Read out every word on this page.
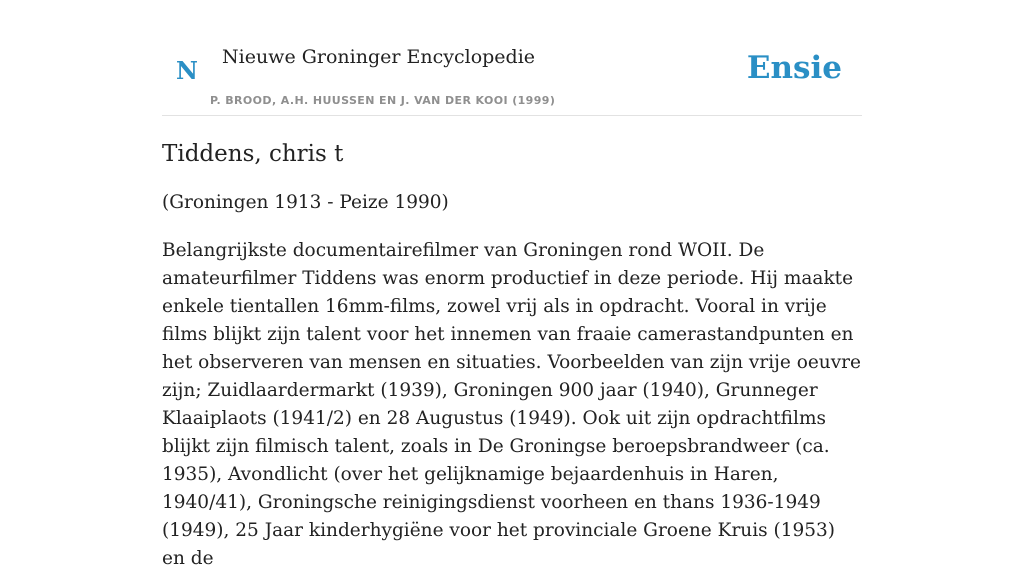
N Nieuwe Groninger Encyclopedie
P. BROOD, A.H. HUUSSEN EN J. VAN DER KOOI (1999)
Ensie
Tiddens, chris t

(Groningen 1913 - Peize 1990)

Belangrijkste documentairefilmer van Groningen rond WOII. De amateurfilmer Tiddens was enorm productief in deze periode. Hij maakte enkele tientallen 16mm-films, zowel vrij als in opdracht. Vooral in vrije films blijkt zijn talent voor het innemen van fraaie camerastandpunten en het observeren van mensen en situaties. Voorbeelden van zijn vrije oeuvre zijn; Zuidlaardermarkt (1939), Groningen 900 jaar (1940), Grunneger Klaaiplaots (1941/2) en 28 Augustus (1949). Ook uit zijn opdrachtfilms blijkt zijn filmisch talent, zoals in De Groningse beroepsbrandweer (ca. 1935), Avondlicht (over het gelijknamige bejaardenhuis in Haren, 1940/41), Groningsche reinigingsdienst voorheen en thans 1936-1949 (1949), 25 Jaar kinderhygiëne voor het provinciale Groene Kruis (1953) en de
